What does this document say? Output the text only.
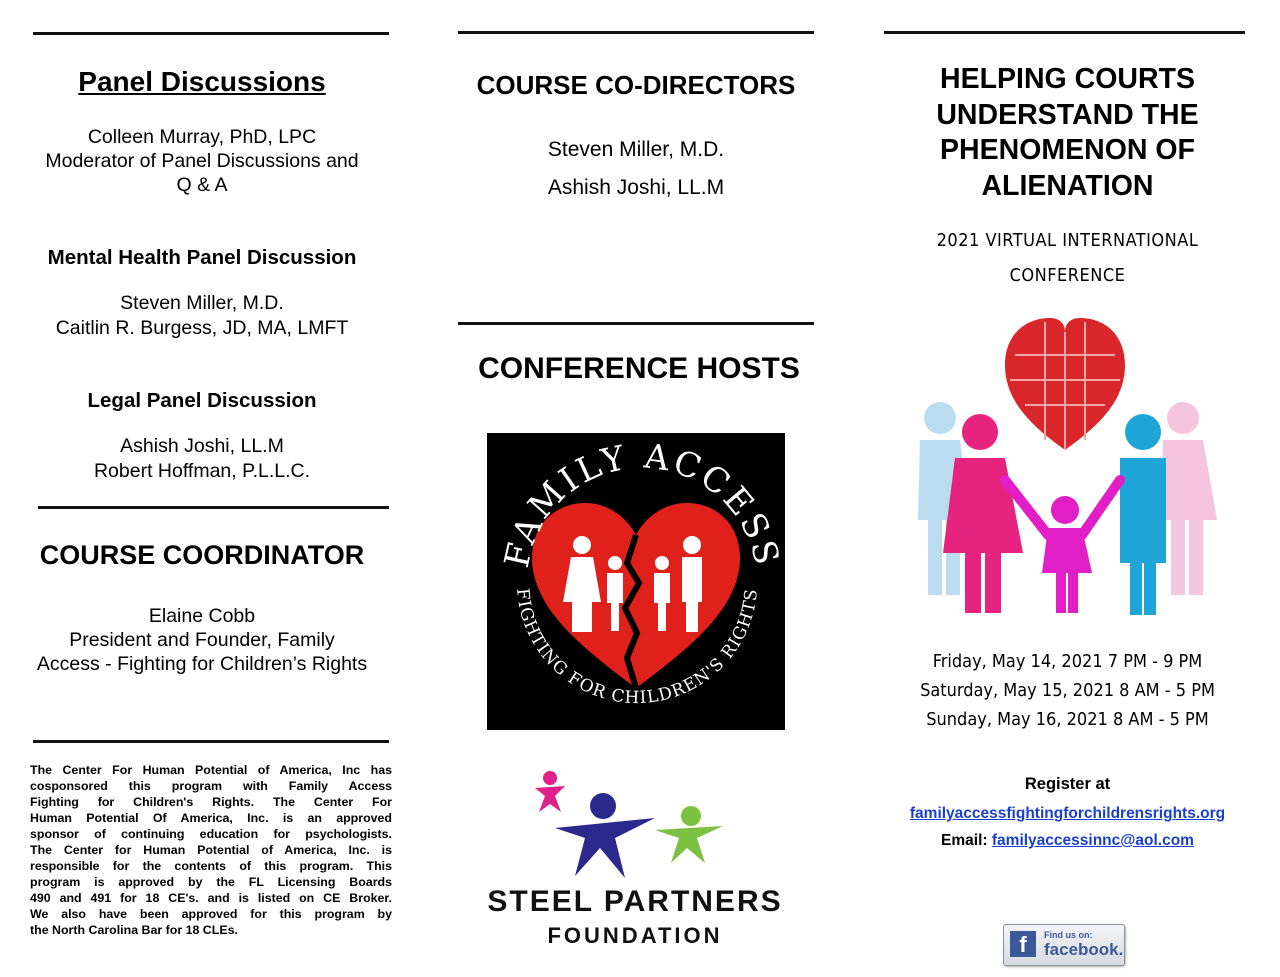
Panel Discussions
Colleen Murray, PhD, LPC
Moderator of Panel Discussions and
Q & A
Mental Health Panel Discussion
Steven Miller, M.D.
Caitlin R. Burgess, JD, MA, LMFT
Legal Panel Discussion
Ashish Joshi, LL.M
Robert Hoffman, P.L.L.C.
COURSE COORDINATOR
Elaine Cobb
President and Founder, Family
Access - Fighting for Children’s Rights
The Center For Human Potential of America, Inc has
cosponsored this program with Family Access
Fighting for Children's Rights. The Center For
Human Potential Of America, Inc. is an approved
sponsor of continuing education for psychologists.
The Center for Human Potential of America, Inc. is
responsible for the contents of this program. This
program is approved by the FL Licensing Boards
490 and 491 for 18 CE's. and is listed on CE Broker.
We also have been approved for this program by
the North Carolina Bar for 18 CLEs.
COURSE CO-DIRECTORS
Steven Miller, M.D.
Ashish Joshi, LL.M
CONFERENCE HOSTS
FAMILY ACCESS
FIGHTING FOR CHILDREN'S RIGHTS
STEEL PARTNERS
FOUNDATION
HELPING COURTS
UNDERSTAND THE
PHENOMENON OF
ALIENATION
2021 VIRTUAL INTERNATIONAL
CONFERENCE
Friday, May 14, 2021 7 PM - 9 PM
Saturday, May 15, 2021 8 AM - 5 PM
Sunday, May 16, 2021 8 AM - 5 PM
Register at
familyaccessfightingforchildrensrights.org
Email: familyaccessinnc@aol.com
f	Find us on:
facebook.
